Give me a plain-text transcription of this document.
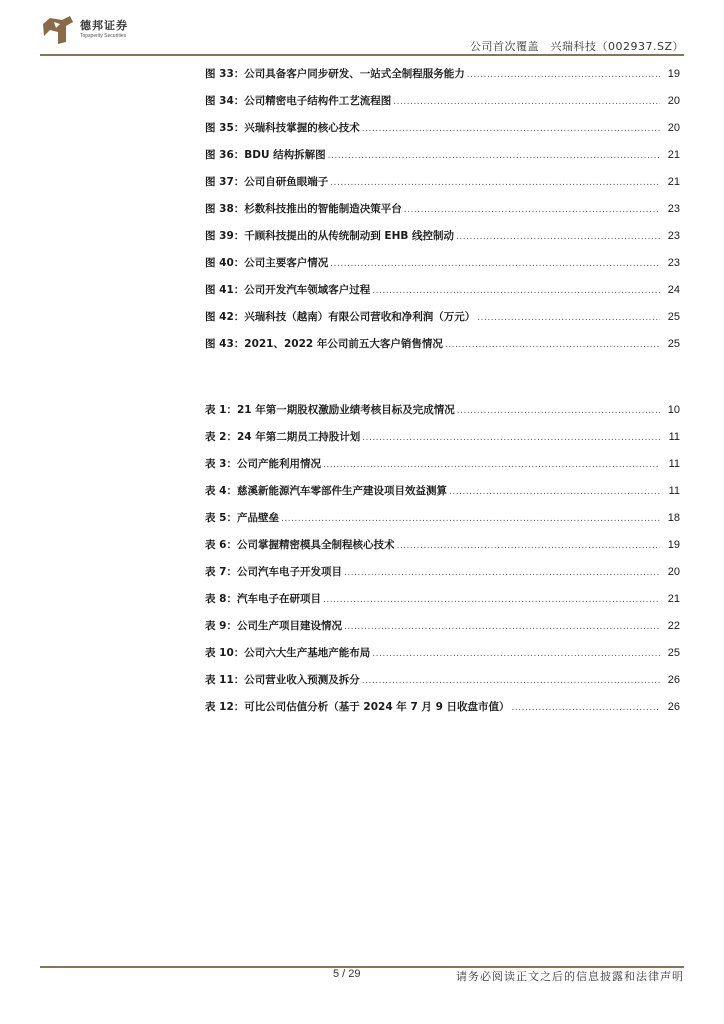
德邦证券
Topsperity Securities
公司首次覆盖　兴瑞科技（002937.SZ）
图 33：公司具备客户同步研发、一站式全制程服务能力 .....	19
图 34：公司精密电子结构件工艺流程图 .....	20
图 35：兴瑞科技掌握的核心技术 .....	20
图 36：BDU 结构拆解图 .....	21
图 37：公司自研鱼眼端子 .....	21
图 38：杉数科技推出的智能制造决策平台 .....	23
图 39：千顾科技提出的从传统制动到 EHB 线控制动 .....	23
图 40：公司主要客户情况 .....	23
图 41：公司开发汽车领域客户过程 .....	24
图 42：兴瑞科技（越南）有限公司营收和净利润（万元） .....	25
图 43：2021、2022 年公司前五大客户销售情况 .....	25
表 1：21 年第一期股权激励业绩考核目标及完成情况 .....	10
表 2：24 年第二期员工持股计划 .....	11
表 3：公司产能利用情况 .....	11
表 4：慈溪新能源汽车零部件生产建设项目效益测算 .....	11
表 5：产品壁垒 .....	18
表 6：公司掌握精密模具全制程核心技术 .....	19
表 7：公司汽车电子开发项目 .....	20
表 8：汽车电子在研项目 .....	21
表 9：公司生产项目建设情况 .....	22
表 10：公司六大生产基地产能布局 .....	25
表 11：公司营业收入预测及拆分 .....	26
表 12：可比公司估值分析（基于 2024 年 7 月 9 日收盘市值） .....	26
5 / 29	请务必阅读正文之后的信息披露和法律声明
